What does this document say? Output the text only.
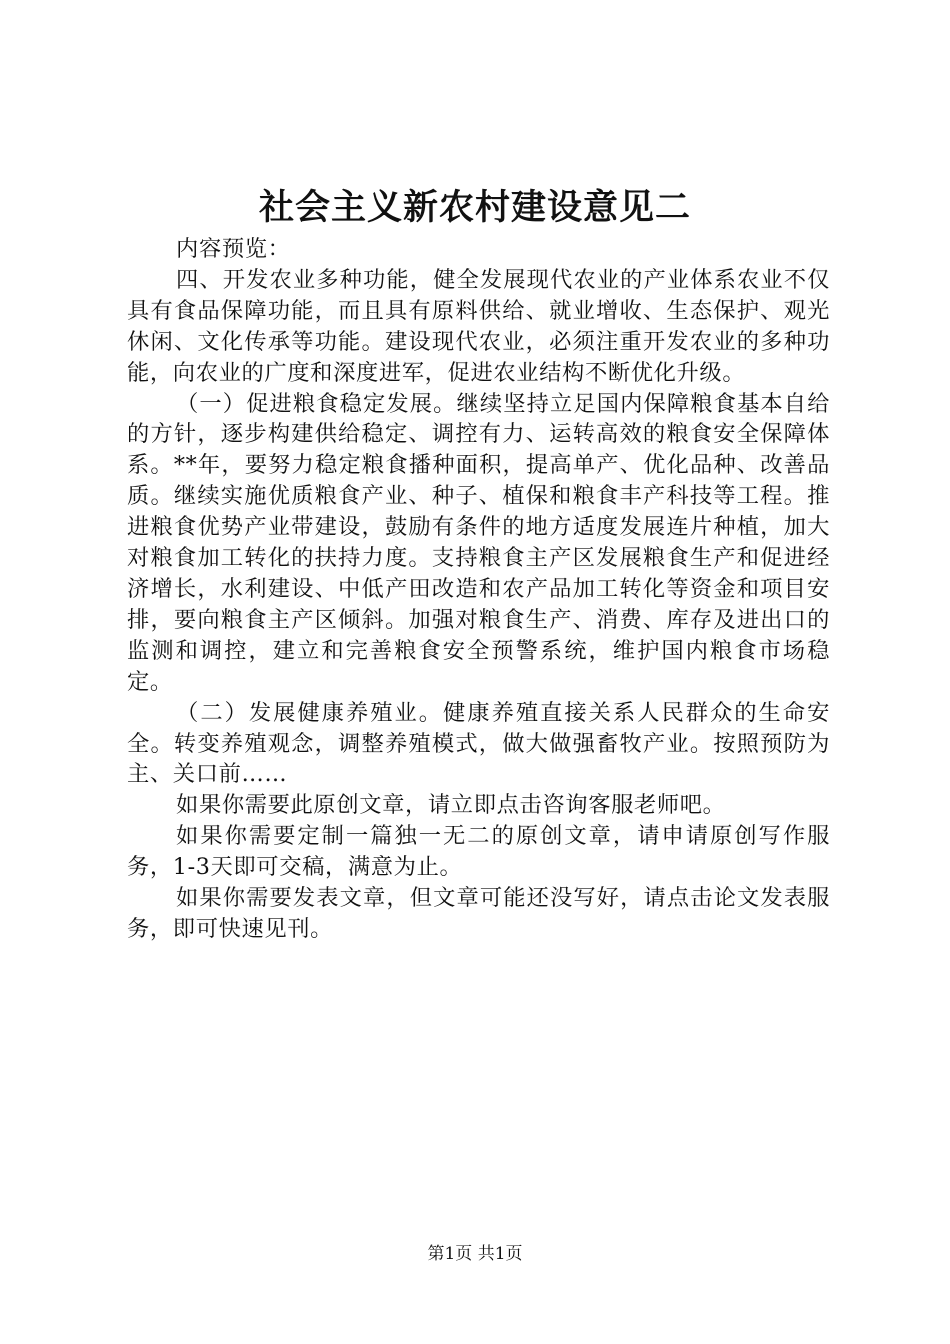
社会主义新农村建设意见二

内容预览：

四、开发农业多种功能，健全发展现代农业的产业体系农业不仅具有食品保障功能，而且具有原料供给、就业增收、生态保护、观光休闲、文化传承等功能。建设现代农业，必须注重开发农业的多种功能，向农业的广度和深度进军，促进农业结构不断优化升级。

（一）促进粮食稳定发展。继续坚持立足国内保障粮食基本自给的方针，逐步构建供给稳定、调控有力、运转高效的粮食安全保障体系。**年，要努力稳定粮食播种面积，提高单产、优化品种、改善品质。继续实施优质粮食产业、种子、植保和粮食丰产科技等工程。推进粮食优势产业带建设，鼓励有条件的地方适度发展连片种植，加大对粮食加工转化的扶持力度。支持粮食主产区发展粮食生产和促进经济增长，水利建设、中低产田改造和农产品加工转化等资金和项目安排，要向粮食主产区倾斜。加强对粮食生产、消费、库存及进出口的监测和调控，建立和完善粮食安全预警系统，维护国内粮食市场稳定。

（二）发展健康养殖业。健康养殖直接关系人民群众的生命安全。转变养殖观念，调整养殖模式，做大做强畜牧产业。按照预防为主、关口前……

如果你需要此原创文章，请立即点击咨询客服老师吧。

如果你需要定制一篇独一无二的原创文章，请申请原创写作服务，1-3天即可交稿，满意为止。

如果你需要发表文章，但文章可能还没写好，请点击论文发表服务，即可快速见刊。

第1页 共1页
